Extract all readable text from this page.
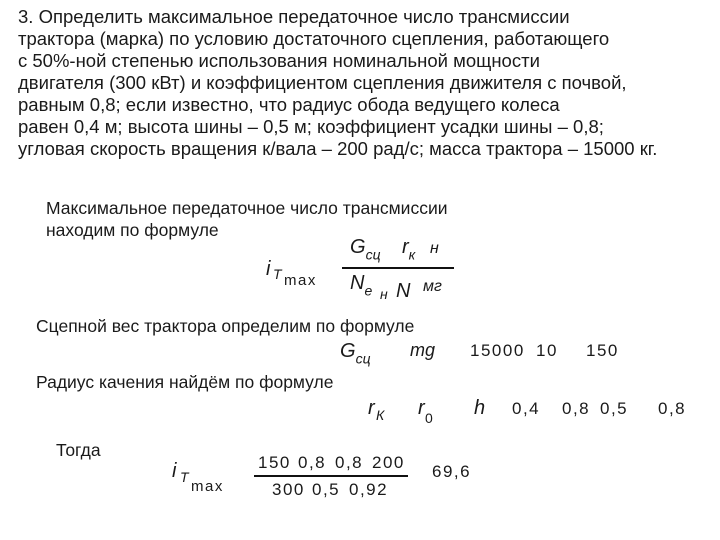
3. Определить максимальное передаточное число трансмиссии
трактора (марка) по условию достаточного сцепления, работающего
с 50%-ной степенью использования номинальной мощности
двигателя (300 кВт) и коэффициентом сцепления движителя с почвой,
равным 0,8; если известно, что радиус обода ведущего колеса
равен 0,4 м; высота шины – 0,5 м; коэффициент усадки шины – 0,8;
угловая скорость вращения к/вала – 200 рад/с; масса трактора – 15000 кг.
Максимальное передаточное число трансмиссии
находим по формуле
i T max
$G_{сц}$ $r_к$ н
$N_е$ н N мг
Сцепной вес трактора определим по формуле
$G_{сц}$ mg 15000 10 150
Радиус качения найдём по формуле
r К r 0 h 0,4 0,8 0,5 0,8
Тогда
i T
max
150 0,8 0,8 200
300 0,5 0,92
69,6
